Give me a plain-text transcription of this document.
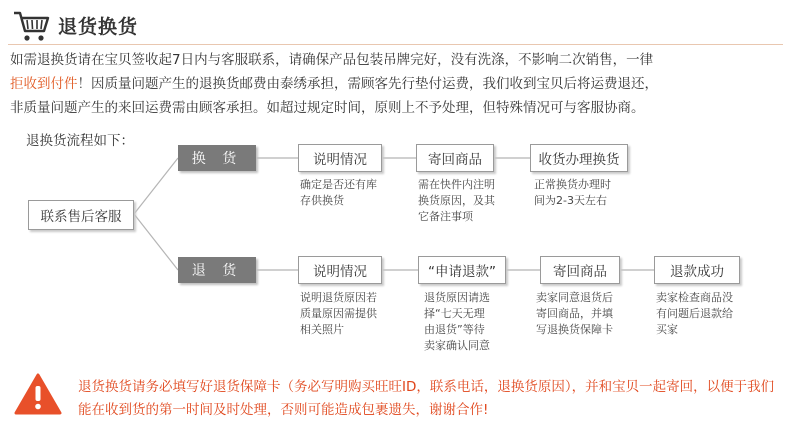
退货换货
如需退换货请在宝贝签收起7日内与客服联系，请确保产品包装吊牌完好，没有洗涤，不影响二次销售，一律
拒收到付件！因质量问题产生的退换货邮费由泰绣承担，需顾客先行垫付运费，我们收到宝贝后将运费退还，
非质量问题产生的来回运费需由顾客承担。如超过规定时间，原则上不予处理，但特殊情况可与客服协商。
退换货流程如下：
联系售后客服
换 货	说明情况	寄回商品	收货办理换货
确定是否还有库
存供换货
需在快件内注明
换货原因，及其
它备注事项
正常换货办理时
间为2-3天左右
退 货	说明情况	“申请退款”	寄回商品	退款成功
说明退货原因若
质量原因需提供
相关照片
退货原因请选
择“七天无理
由退货”等待
卖家确认同意
卖家同意退货后
寄回商品，并填
写退换货保障卡
卖家检查商品没
有问题后退款给
买家
退货换货请务必填写好退货保障卡（务必写明购买旺旺ID，联系电话，退换货原因），并和宝贝一起寄回，以便于我们能在收到货的第一时间及时处理，否则可能造成包裹遗失，谢谢合作!
